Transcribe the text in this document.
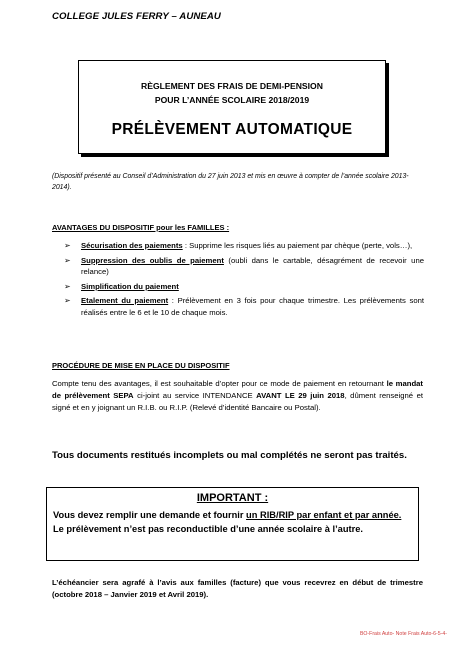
COLLEGE JULES FERRY – AUNEAU
RÈGLEMENT DES FRAIS DE DEMI-PENSION
POUR L’ANNÉE SCOLAIRE 2018/2019
PRÉLÈVEMENT AUTOMATIQUE
(Dispositif présenté au Conseil d’Administration du 27 juin 2013 et mis en œuvre à compter de l’année scolaire 2013-2014).
AVANTAGES DU DISPOSITIF pour les FAMILLES :
➢ Sécurisation des paiements : Supprime les risques liés au paiement par chèque (perte, vols…),
➢ Suppression des oublis de paiement (oubli dans le cartable, désagrément de recevoir une relance)
➢ Simplification du paiement
➢ Etalement du paiement : Prélèvement en 3 fois pour chaque trimestre. Les prélèvements sont réalisés entre le 6 et le 10 de chaque mois.
PROCÉDURE DE MISE EN PLACE DU DISPOSITIF
Compte tenu des avantages, il est souhaitable d’opter pour ce mode de paiement en retournant le mandat de prélèvement SEPA ci-joint au service INTENDANCE AVANT LE 29 juin 2018, dûment renseigné et signé et en y joignant un R.I.B. ou R.I.P. (Relevé d’identité Bancaire ou Postal).
Tous documents restitués incomplets ou mal complétés ne seront pas traités.
IMPORTANT :
Vous devez remplir une demande et fournir un RIB/RIP par enfant et par année.
Le prélèvement n’est pas reconductible d’une année scolaire à l’autre.
L’échéancier sera agrafé à l’avis aux familles (facture) que vous recevrez en début de trimestre (octobre 2018 – Janvier 2019 et Avril 2019).
BO-Frais Auto- Note Frais Auto-6-5-4-
